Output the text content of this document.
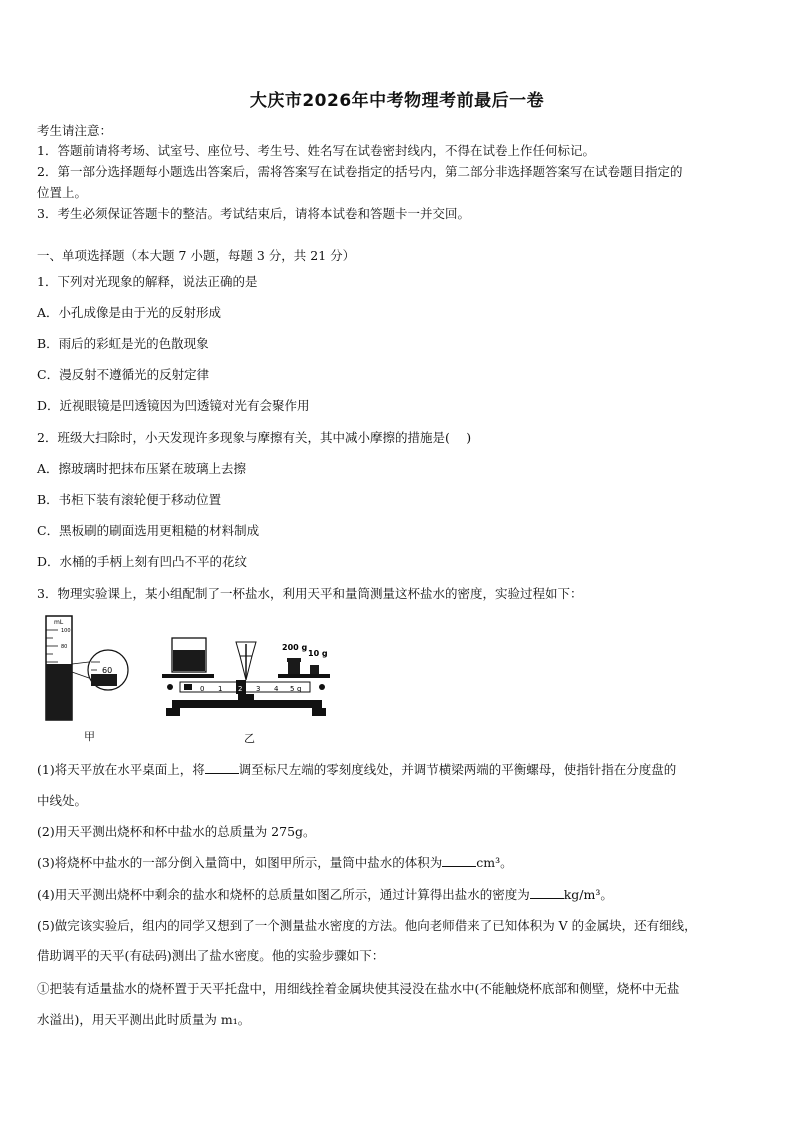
大庆市2026年中考物理考前最后一卷
考生请注意：
1．答题前请将考场、试室号、座位号、考生号、姓名写在试卷密封线内，不得在试卷上作任何标记。
2．第一部分选择题每小题选出答案后，需将答案写在试卷指定的括号内，第二部分非选择题答案写在试卷题目指定的
位置上。
3．考生必须保证答题卡的整洁。考试结束后，请将本试卷和答题卡一并交回。
一、单项选择题（本大题 7 小题，每题 3 分，共 21 分）
1．下列对光现象的解释，说法正确的是
A．小孔成像是由于光的反射形成
B．雨后的彩虹是光的色散现象
C．漫反射不遵循光的反射定律
D．近视眼镜是凹透镜因为凹透镜对光有会聚作用
2．班级大扫除时，小天发现许多现象与摩擦有关，其中减小摩擦的措施是(　 )
A．擦玻璃时把抹布压紧在玻璃上去擦
B．书柜下装有滚轮便于移动位置
C．黑板刷的刷面选用更粗糙的材料制成
D．水桶的手柄上刻有凹凸不平的花纹
3．物理实验课上，某小组配制了一杯盐水，利用天平和量筒测量这杯盐水的密度，实验过程如下：
mL
100
80
60
甲
200 g
10 g
0 1 2 3 4 5 g
乙
(1)将天平放在水平桌面上，将	调至标尺左端的零刻度线处，并调节横梁两端的平衡螺母，使指针指在分度盘的
中线处。
(2)用天平测出烧杯和杯中盐水的总质量为 275g。
(3)将烧杯中盐水的一部分倒入量筒中，如图甲所示，量筒中盐水的体积为	cm³。
(4)用天平测出烧杯中剩余的盐水和烧杯的总质量如图乙所示，通过计算得出盐水的密度为	kg/m³。
(5)做完该实验后，组内的同学又想到了一个测量盐水密度的方法。他向老师借来了已知体积为 V 的金属块，还有细线，
借助调平的天平(有砝码)测出了盐水密度。他的实验步骤如下：
①把装有适量盐水的烧杯置于天平托盘中，用细线拴着金属块使其浸没在盐水中(不能触烧杯底部和侧壁，烧杯中无盐
水溢出)，用天平测出此时质量为 m₁。
